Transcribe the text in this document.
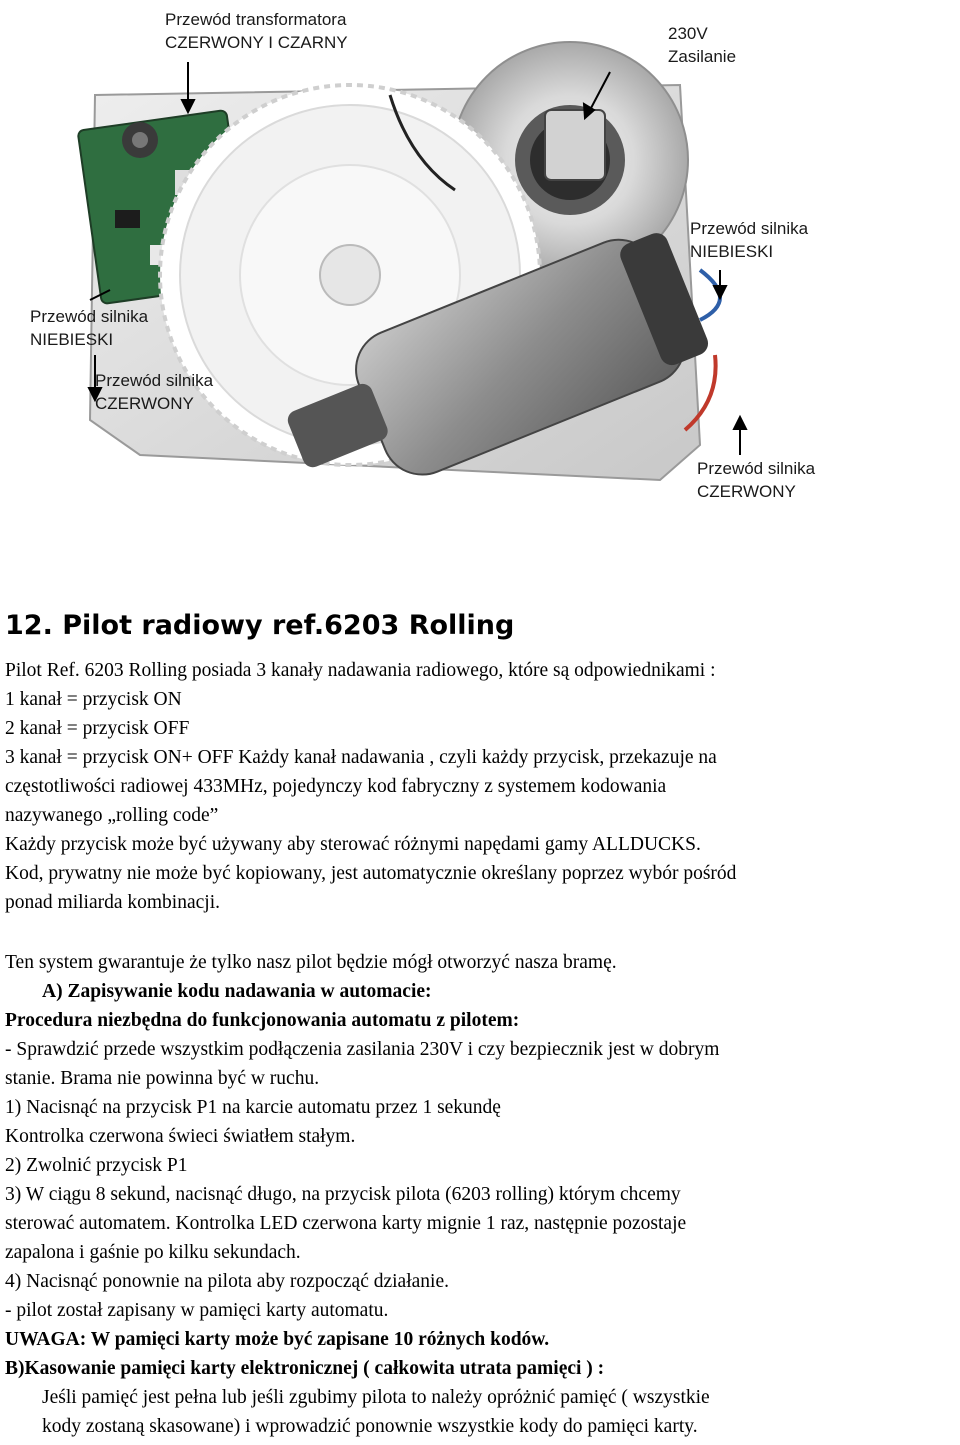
Przewód transformatora
CZERWONY I CZARNY	230V
Zasilanie
Przewód silnika
NIEBIESKI
Przewód silnika
NIEBIESKI
Przewód silnika
CZERWONY
Przewód silnika
CZERWONY
12. Pilot radiowy ref.6203 Rolling
Pilot Ref. 6203 Rolling posiada 3 kanały nadawania radiowego, które są odpowiednikami :
1 kanał = przycisk ON
2 kanał = przycisk OFF
3 kanał = przycisk ON+ OFF Każdy kanał nadawania , czyli każdy przycisk, przekazuje na
częstotliwości radiowej 433MHz, pojedynczy kod fabryczny z systemem kodowania
nazywanego „rolling code”
Każdy przycisk może być używany aby sterować różnymi napędami gamy ALLDUCKS.
Kod, prywatny nie może być kopiowany, jest automatycznie określany poprzez wybór pośród
ponad miliarda kombinacji.
Ten system gwarantuje że tylko nasz pilot będzie mógł otworzyć nasza bramę.
A) Zapisywanie kodu nadawania w automacie:
Procedura niezbędna do funkcjonowania automatu z pilotem:
- Sprawdzić przede wszystkim podłączenia zasilania 230V i czy bezpiecznik jest w dobrym
stanie. Brama nie powinna być w ruchu.
1) Nacisnąć na przycisk P1 na karcie automatu przez 1 sekundę
Kontrolka czerwona świeci światłem stałym.
2) Zwolnić przycisk P1
3) W ciągu 8 sekund, nacisnąć długo, na przycisk pilota (6203 rolling) którym chcemy
sterować automatem. Kontrolka LED czerwona karty mignie 1 raz, następnie pozostaje
zapalona i gaśnie po kilku sekundach.
4) Nacisnąć ponownie na pilota aby rozpocząć działanie.
- pilot został zapisany w pamięci karty automatu.
UWAGA: W pamięci karty może być zapisane 10 różnych kodów.
B)Kasowanie pamięci karty elektronicznej ( całkowita utrata pamięci ) :
Jeśli pamięć jest pełna lub jeśli zgubimy pilota to należy opróżnić pamięć ( wszystkie
kody zostaną skasowane) i wprowadzić ponownie wszystkie kody do pamięci karty.
